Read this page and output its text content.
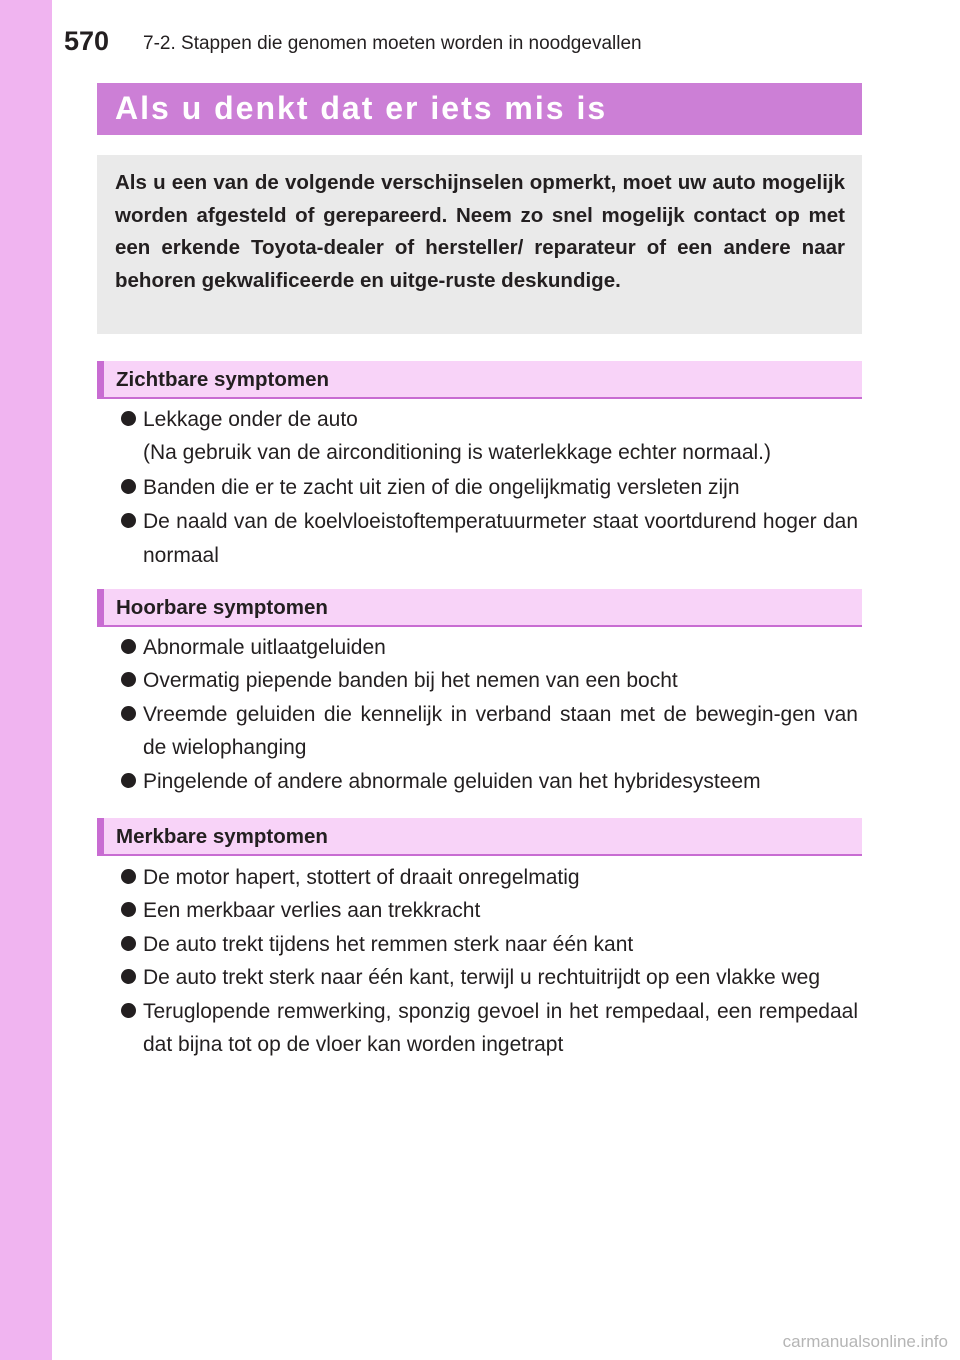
570 7-2. Stappen die genomen moeten worden in noodgevallen
Als u denkt dat er iets mis is
Als u een van de volgende verschijnselen opmerkt, moet uw auto mogelijk worden afgesteld of gerepareerd. Neem zo snel mogelijk contact op met een erkende Toyota-dealer of hersteller/ reparateur of een andere naar behoren gekwalificeerde en uitge-ruste deskundige.
Zichtbare symptomen
Lekkage onder de auto
(Na gebruik van de airconditioning is waterlekkage echter normaal.)
Banden die er te zacht uit zien of die ongelijkmatig versleten zijn
De naald van de koelvloeistoftemperatuurmeter staat voortdurend hoger dan normaal
Hoorbare symptomen
Abnormale uitlaatgeluiden
Overmatig piepende banden bij het nemen van een bocht
Vreemde geluiden die kennelijk in verband staan met de bewegin-gen van de wielophanging
Pingelende of andere abnormale geluiden van het hybridesysteem
Merkbare symptomen
De motor hapert, stottert of draait onregelmatig
Een merkbaar verlies aan trekkracht
De auto trekt tijdens het remmen sterk naar één kant
De auto trekt sterk naar één kant, terwijl u rechtuitrijdt op een vlakke weg
Teruglopende remwerking, sponzig gevoel in het rempedaal, een rempedaal dat bijna tot op de vloer kan worden ingetrapt
carmanualsonline.info
